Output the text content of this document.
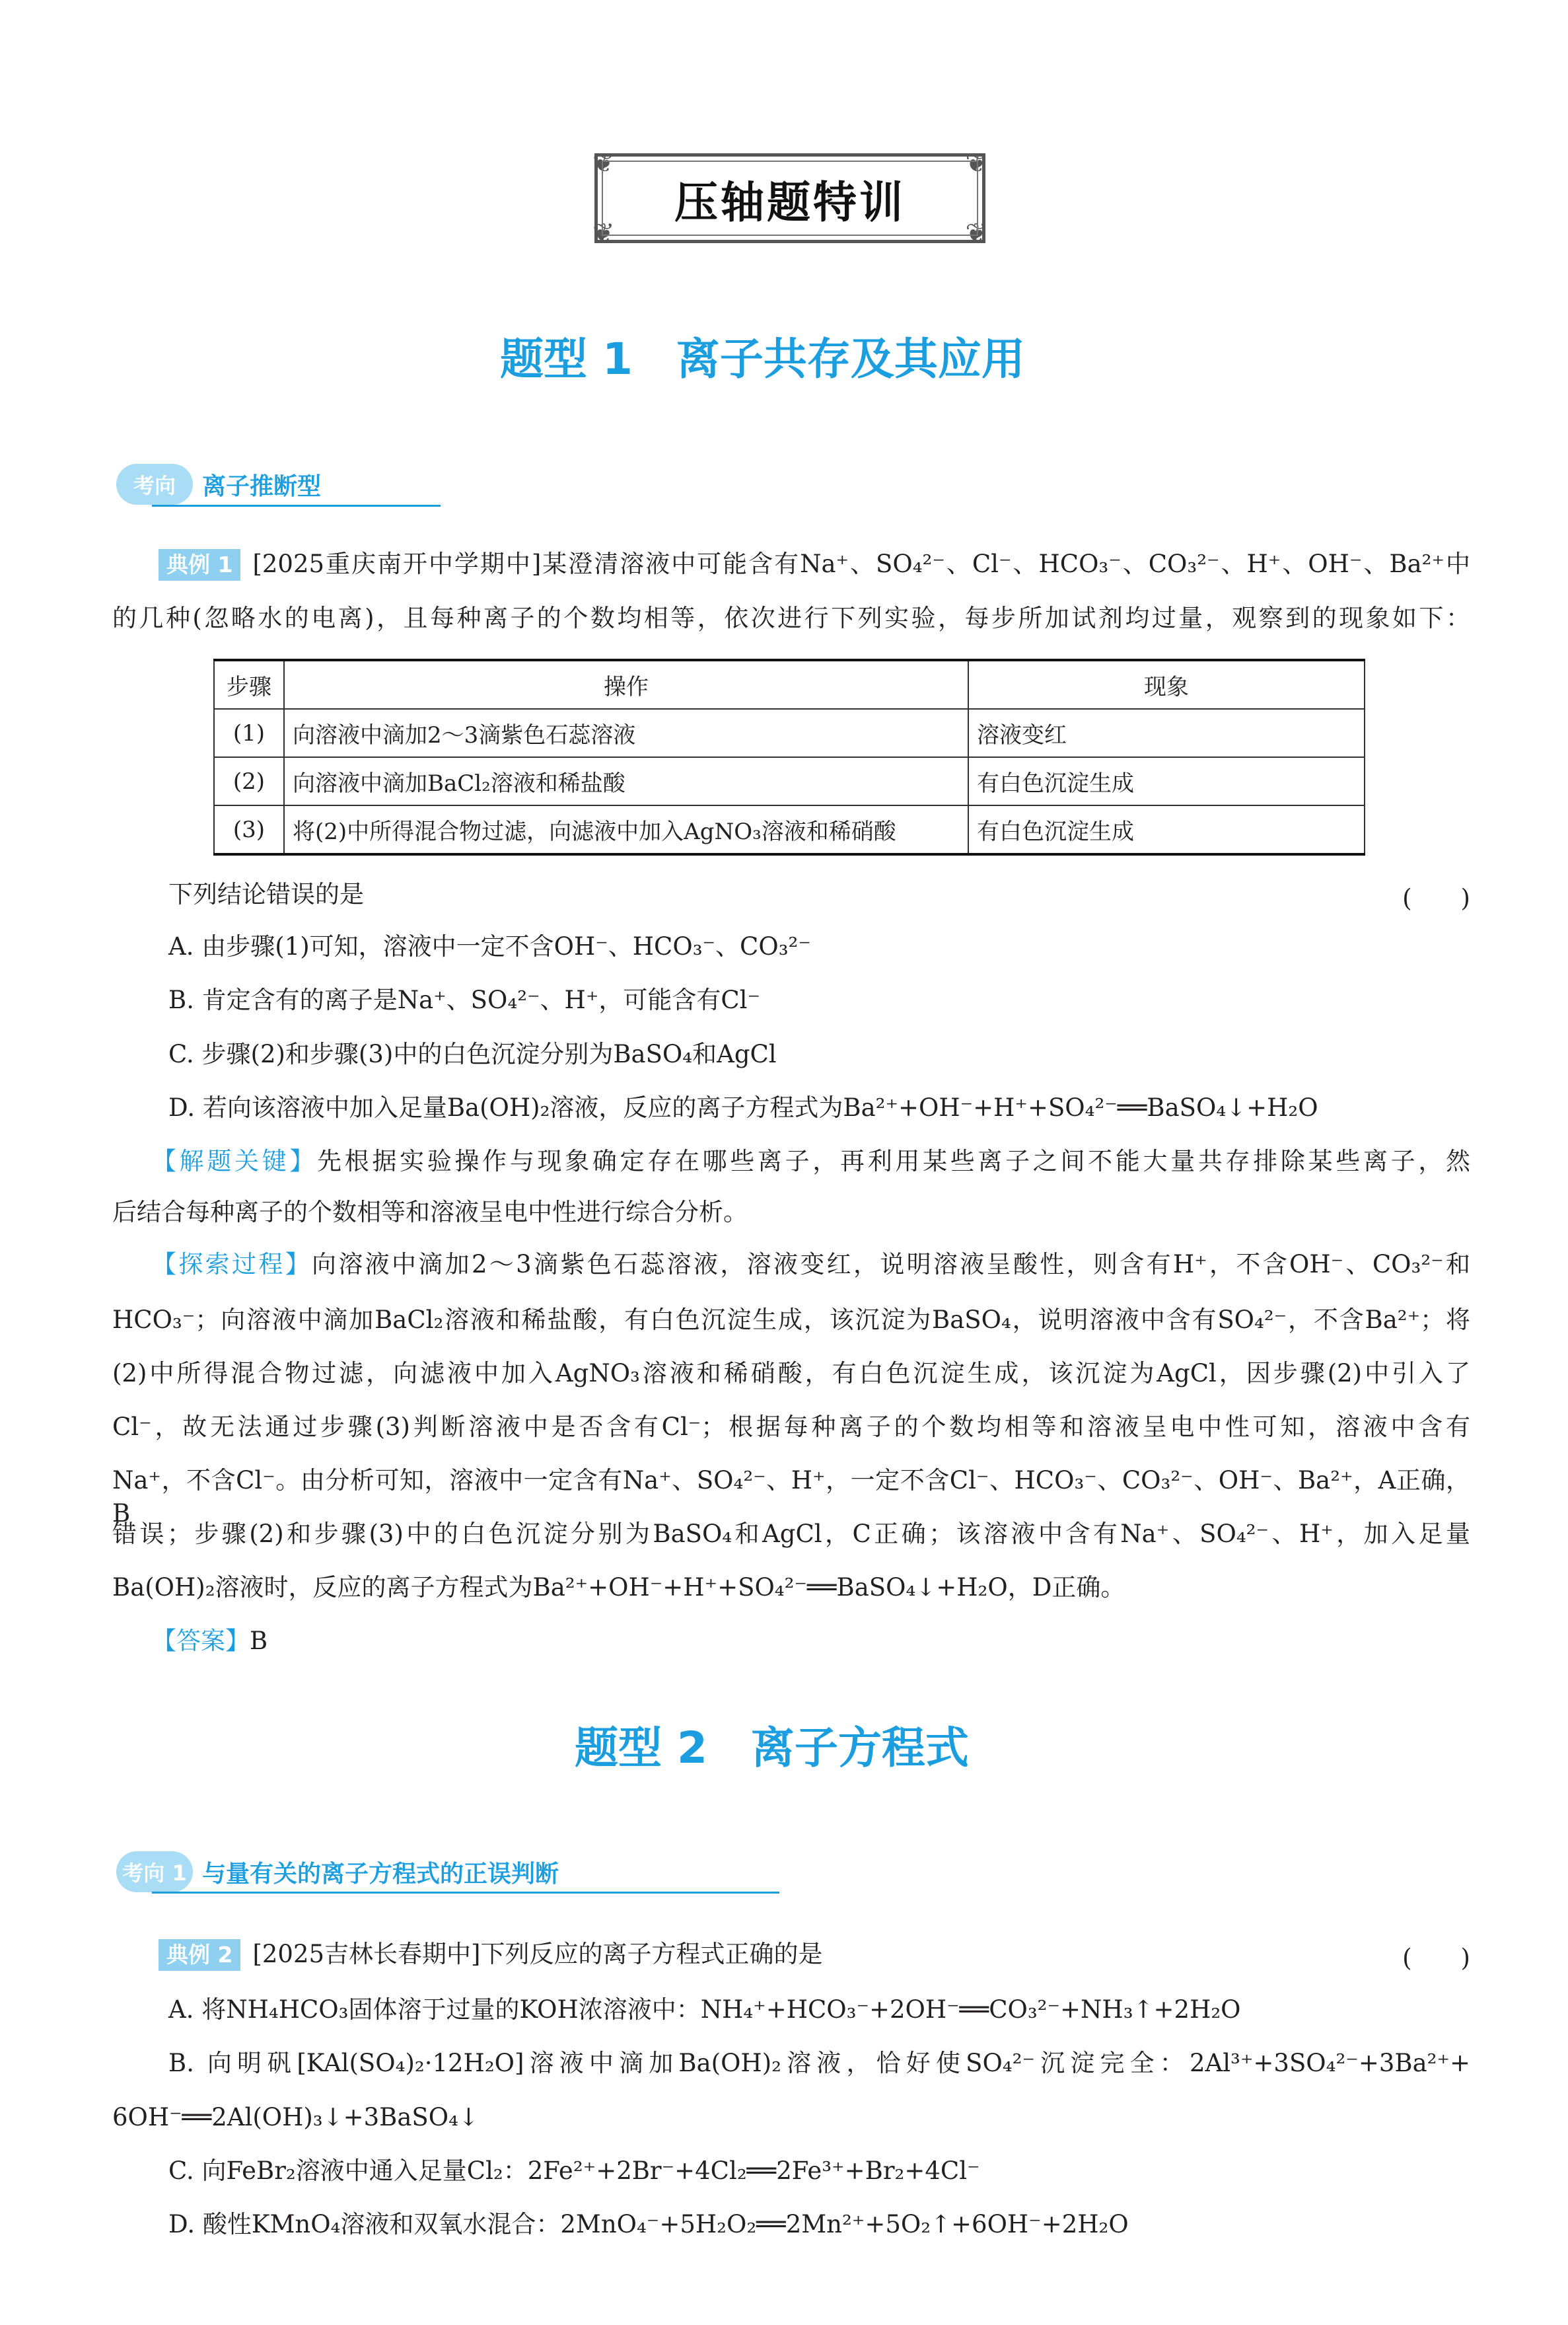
❦	❦
❦	❦
压轴题特训
题型 1　离子共存及其应用
考向	离子推断型
典例 1 [2025重庆南开中学期中]某澄清溶液中可能含有Na⁺、SO₄²⁻、Cl⁻、HCO₃⁻、CO₃²⁻、H⁺、OH⁻、Ba²⁺中
的几种(忽略水的电离)，且每种离子的个数均相等，依次进行下列实验，每步所加试剂均过量，观察到的现象如下：
步骤	操作	现象
(1)	向溶液中滴加2～3滴紫色石蕊溶液	溶液变红
(2)	向溶液中滴加BaCl₂溶液和稀盐酸	有白色沉淀生成
(3)	将(2)中所得混合物过滤，向滤液中加入AgNO₃溶液和稀硝酸	有白色沉淀生成
下列结论错误的是	(　　)
A. 由步骤(1)可知，溶液中一定不含OH⁻、HCO₃⁻、CO₃²⁻
B. 肯定含有的离子是Na⁺、SO₄²⁻、H⁺，可能含有Cl⁻
C. 步骤(2)和步骤(3)中的白色沉淀分别为BaSO₄和AgCl
D. 若向该溶液中加入足量Ba(OH)₂溶液，反应的离子方程式为Ba²⁺+OH⁻+H⁺+SO₄²⁻══BaSO₄↓+H₂O
【解题关键】先根据实验操作与现象确定存在哪些离子，再利用某些离子之间不能大量共存排除某些离子，然
后结合每种离子的个数相等和溶液呈电中性进行综合分析。
【探索过程】向溶液中滴加2～3滴紫色石蕊溶液，溶液变红，说明溶液呈酸性，则含有H⁺，不含OH⁻、CO₃²⁻和
HCO₃⁻；向溶液中滴加BaCl₂溶液和稀盐酸，有白色沉淀生成，该沉淀为BaSO₄，说明溶液中含有SO₄²⁻，不含Ba²⁺；将
(2)中所得混合物过滤，向滤液中加入AgNO₃溶液和稀硝酸，有白色沉淀生成，该沉淀为AgCl，因步骤(2)中引入了
Cl⁻，故无法通过步骤(3)判断溶液中是否含有Cl⁻；根据每种离子的个数均相等和溶液呈电中性可知，溶液中含有
Na⁺，不含Cl⁻。由分析可知，溶液中一定含有Na⁺、SO₄²⁻、H⁺，一定不含Cl⁻、HCO₃⁻、CO₃²⁻、OH⁻、Ba²⁺，A正确，B
错误；步骤(2)和步骤(3)中的白色沉淀分别为BaSO₄和AgCl，C正确；该溶液中含有Na⁺、SO₄²⁻、H⁺，加入足量
Ba(OH)₂溶液时，反应的离子方程式为Ba²⁺+OH⁻+H⁺+SO₄²⁻══BaSO₄↓+H₂O，D正确。
【答案】B
题型 2　离子方程式
考向 1 与量有关的离子方程式的正误判断
典例 2 [2025吉林长春期中]下列反应的离子方程式正确的是	(　　)
A. 将NH₄HCO₃固体溶于过量的KOH浓溶液中：NH₄⁺+HCO₃⁻+2OH⁻══CO₃²⁻+NH₃↑+2H₂O
B. 向明矾[KAl(SO₄)₂·12H₂O]溶液中滴加Ba(OH)₂溶液，恰好使SO₄²⁻沉淀完全：2Al³⁺+3SO₄²⁻+3Ba²⁺+
6OH⁻══2Al(OH)₃↓+3BaSO₄↓
C. 向FeBr₂溶液中通入足量Cl₂：2Fe²⁺+2Br⁻+4Cl₂══2Fe³⁺+Br₂+4Cl⁻
D. 酸性KMnO₄溶液和双氧水混合：2MnO₄⁻+5H₂O₂══2Mn²⁺+5O₂↑+6OH⁻+2H₂O
